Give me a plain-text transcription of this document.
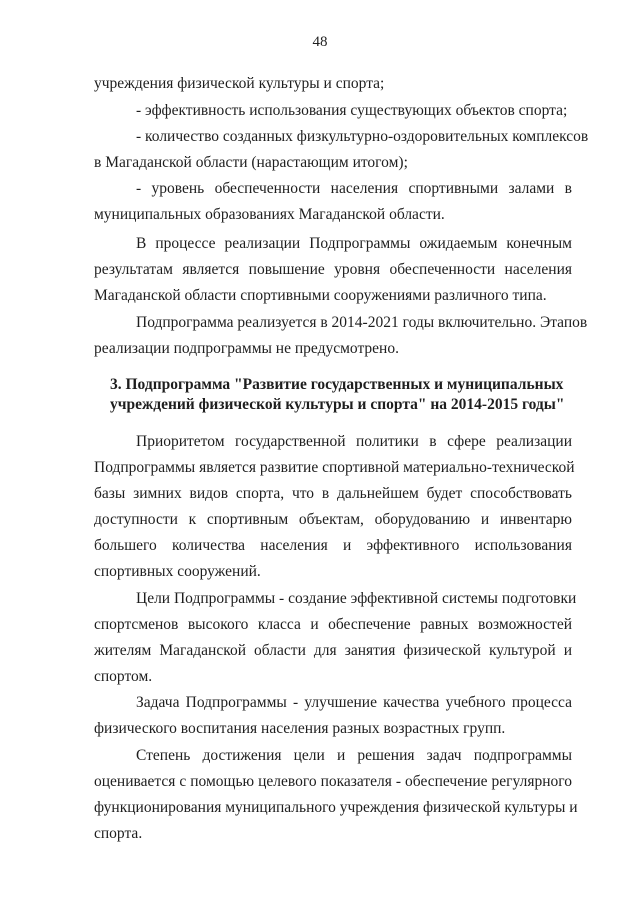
48
учреждения физической культуры и спорта;
- эффективность использования существующих объектов спорта;
- количество созданных физкультурно-оздоровительных комплексов
в Магаданской области (нарастающим итогом);
- уровень обеспеченности населения спортивными залами в
муниципальных образованиях Магаданской области.
В процессе реализации Подпрограммы ожидаемым конечным
результатам является повышение уровня обеспеченности населения
Магаданской области спортивными сооружениями различного типа.
Подпрограмма реализуется в 2014-2021 годы включительно. Этапов
реализации подпрограммы не предусмотрено.
3. Подпрограмма "Развитие государственных и муниципальных
учреждений физической культуры и спорта" на 2014-2015 годы"
Приоритетом государственной политики в сфере реализации
Подпрограммы является развитие спортивной материально-технической
базы зимних видов спорта, что в дальнейшем будет способствовать
доступности к спортивным объектам, оборудованию и инвентарю
большего количества населения и эффективного использования
спортивных сооружений.
Цели Подпрограммы - создание эффективной системы подготовки
спортсменов высокого класса и обеспечение равных возможностей
жителям Магаданской области для занятия физической культурой и
спортом.
Задача Подпрограммы - улучшение качества учебного процесса
физического воспитания населения разных возрастных групп.
Степень достижения цели и решения задач подпрограммы
оценивается с помощью целевого показателя - обеспечение регулярного
функционирования муниципального учреждения физической культуры и
спорта.
